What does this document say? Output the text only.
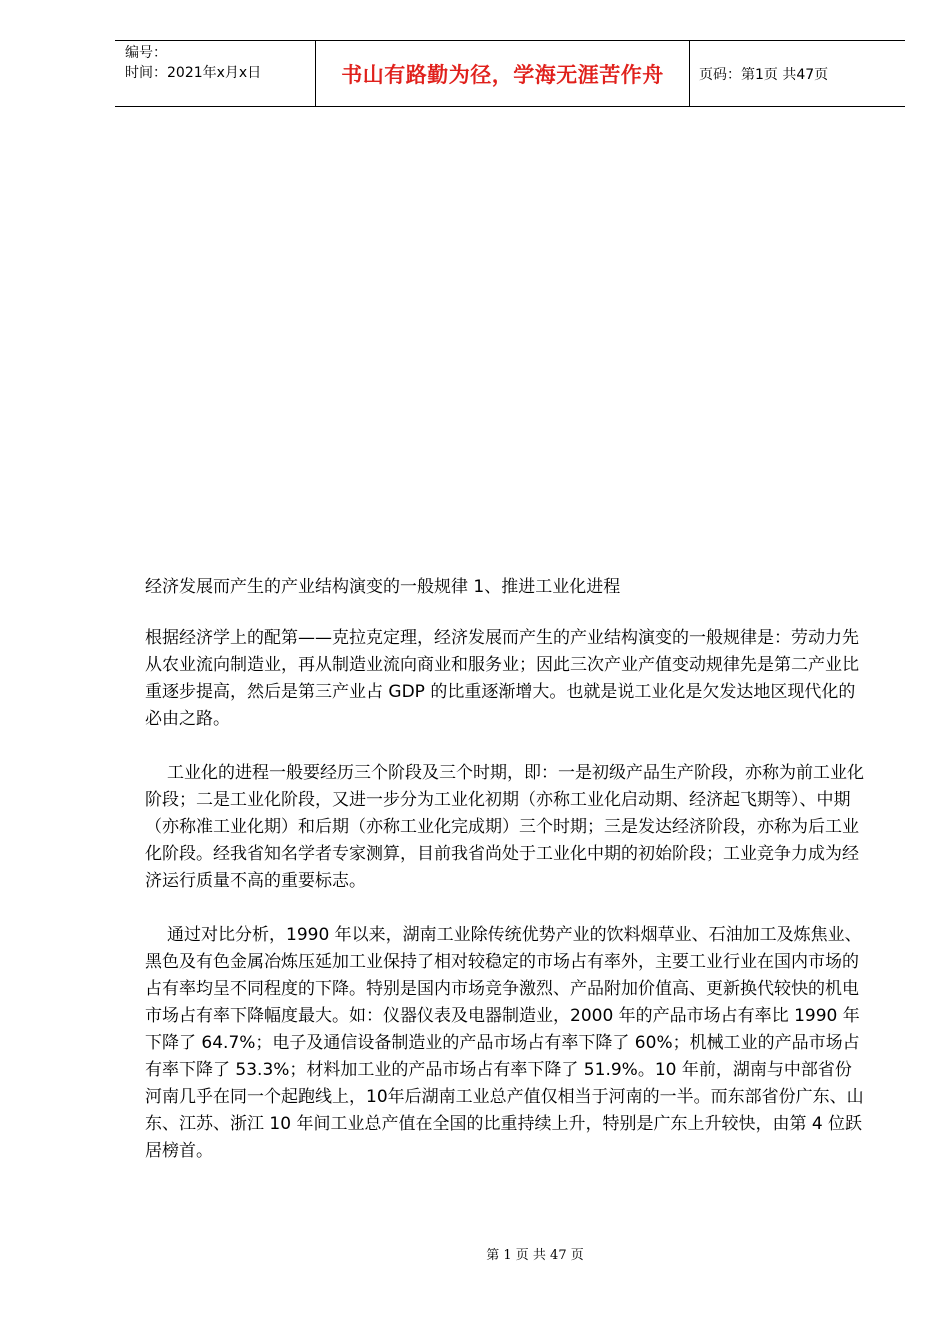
编号：
时间：2021年x月x日	书山有路勤为径，学海无涯苦作舟	页码：第1页 共47页

经济发展而产生的产业结构演变的一般规律 1、推进工业化进程

根据经济学上的配第——克拉克定理，经济发展而产生的产业结构演变的一般规律是：劳动力先从农业流向制造业，再从制造业流向商业和服务业；因此三次产业产值变动规律先是第二产业比重逐步提高，然后是第三产业占 GDP 的比重逐渐增大。也就是说工业化是欠发达地区现代化的必由之路。

工业化的进程一般要经历三个阶段及三个时期，即：一是初级产品生产阶段，亦称为前工业化阶段；二是工业化阶段，又进一步分为工业化初期（亦称工业化启动期、经济起飞期等）、中期（亦称准工业化期）和后期（亦称工业化完成期）三个时期；三是发达经济阶段，亦称为后工业化阶段。经我省知名学者专家测算，目前我省尚处于工业化中期的初始阶段；工业竞争力成为经济运行质量不高的重要标志。

通过对比分析，1990 年以来，湖南工业除传统优势产业的饮料烟草业、石油加工及炼焦业、黑色及有色金属冶炼压延加工业保持了相对较稳定的市场占有率外，主要工业行业在国内市场的占有率均呈不同程度的下降。特别是国内市场竞争激烈、产品附加价值高、更新换代较快的机电市场占有率下降幅度最大。如：仪器仪表及电器制造业，2000 年的产品市场占有率比 1990 年下降了 64.7%；电子及通信设备制造业的产品市场占有率下降了 60%；机械工业的产品市场占有率下降了 53.3%；材料加工业的产品市场占有率下降了 51.9%。10 年前，湖南与中部省份河南几乎在同一个起跑线上，10年后湖南工业总产值仅相当于河南的一半。而东部省份广东、山东、江苏、浙江 10 年间工业总产值在全国的比重持续上升，特别是广东上升较快，由第 4 位跃居榜首。

第 1 页 共 47 页
